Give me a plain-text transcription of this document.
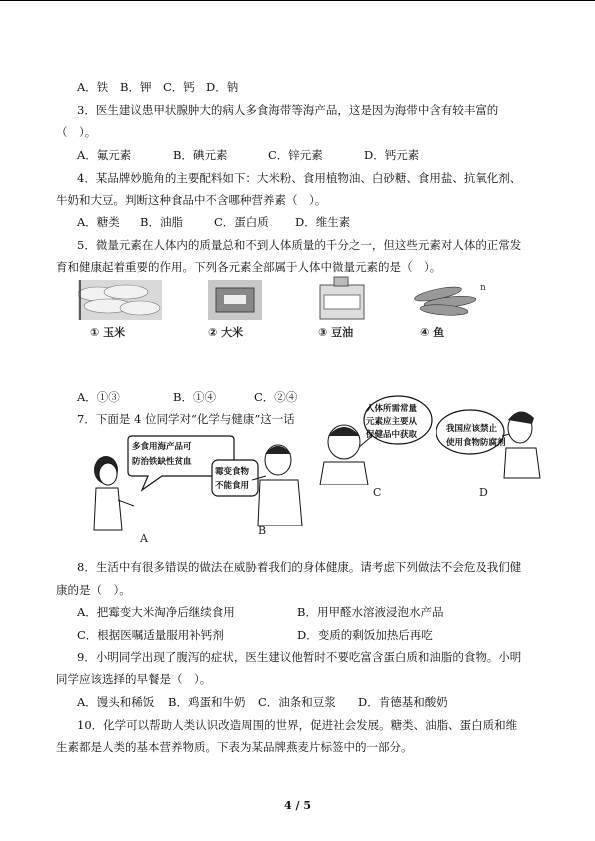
A．铁 B．钾 C．钙 D．钠
3．医生建议患甲状腺肿大的病人多食海带等海产品，这是因为海带中含有较丰富的
（　）。
A．氟元素	B．碘元素	C．锌元素	D．钙元素
4．某品牌妙脆角的主要配料如下：大米粉、食用植物油、白砂糖、食用盐、抗氧化剂、
牛奶和大豆。判断这种食品中不含哪种营养素（　）。
A．糖类 B．油脂	C．蛋白质 D．维生素
5．微量元素在人体内的质量总和不到人体质量的千分之一，但这些元素对人体的正常发
育和健康起着重要的作用。下列各元素全部属于人体中微量元素的是（　）。
① 玉米	② 大米	③ 豆油
n
④ 鱼
A．①③	B．①④	C．②④
7．下面是 4 位同学对“化学与健康”这一话
多食用海产品可
防治铁缺性贫血
A
霉变食物
不能食用
B
人体所需常量
元素应主要从
保健品中获取
C
我国应该禁止
使用食物防腐剂
D
8．生活中有很多错误的做法在威胁着我们的身体健康。请考虑下列做法不会危及我们健
康的是（　）。
A．把霉变大米淘净后继续食用	B．用甲醛水溶液浸泡水产品
C．根据医嘱适量服用补钙剂	D．变质的剩饭加热后再吃
9．小明同学出现了腹泻的症状，医生建议他暂时不要吃富含蛋白质和油脂的食物。小明
同学应该选择的早餐是（　）。
A．馒头和稀饭 B．鸡蛋和牛奶 C．油条和豆浆 D．肯德基和酸奶
10．化学可以帮助人类认识改造周围的世界，促进社会发展。糖类、油脂、蛋白质和维
生素都是人类的基本营养物质。下表为某品牌燕麦片标签中的一部分。
4 / 5
